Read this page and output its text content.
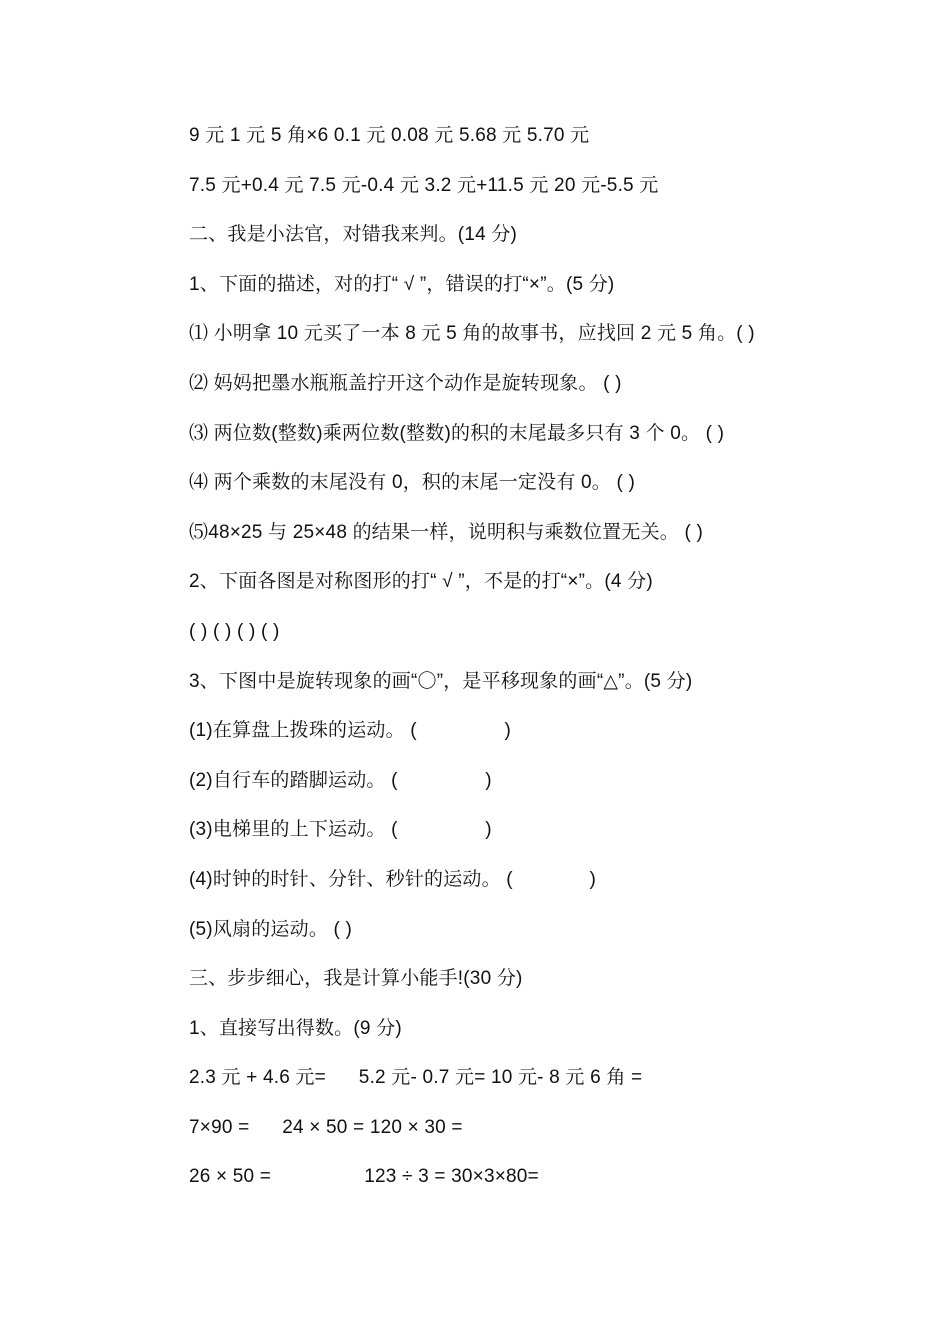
9 元 1 元 5 角×6 0.1 元 0.08 元 5.68 元 5.70 元
7.5 元+0.4 元 7.5 元-0.4 元 3.2 元+11.5 元 20 元-5.5 元
二、我是小法官，对错我来判。(14 分)
1、下面的描述，对的打“ √ ”，错误的打“×”。(5 分)
⑴ 小明拿 10 元买了一本 8 元 5 角的故事书，应找回 2 元 5 角。( )
⑵ 妈妈把墨水瓶瓶盖拧开这个动作是旋转现象。 ( )
⑶ 两位数(整数)乘两位数(整数)的积的末尾最多只有 3 个 0。 ( )
⑷ 两个乘数的末尾没有 0，积的末尾一定没有 0。 ( )
⑸48×25 与 25×48 的结果一样，说明积与乘数位置无关。 ( )
2、下面各图是对称图形的打“ √ ”，不是的打“×”。(4 分)
( ) ( ) ( ) ( )
3、下图中是旋转现象的画“〇”，是平移现象的画“△”。(5 分)
(1)在算盘上拨珠的运动。 (                )
(2)自行车的踏脚运动。 (                )
(3)电梯里的上下运动。 (                )
(4)时钟的时针、分针、秒针的运动。 (              )
(5)风扇的运动。 ( )
三、步步细心，我是计算小能手!(30 分)
1、直接写出得数。(9 分)
2.3 元 + 4.6 元=      5.2 元- 0.7 元= 10 元- 8 元 6 角 =
7×90 =      24 × 50 = 120 × 30 =
26 × 50 =                 123 ÷ 3 = 30×3×80=
